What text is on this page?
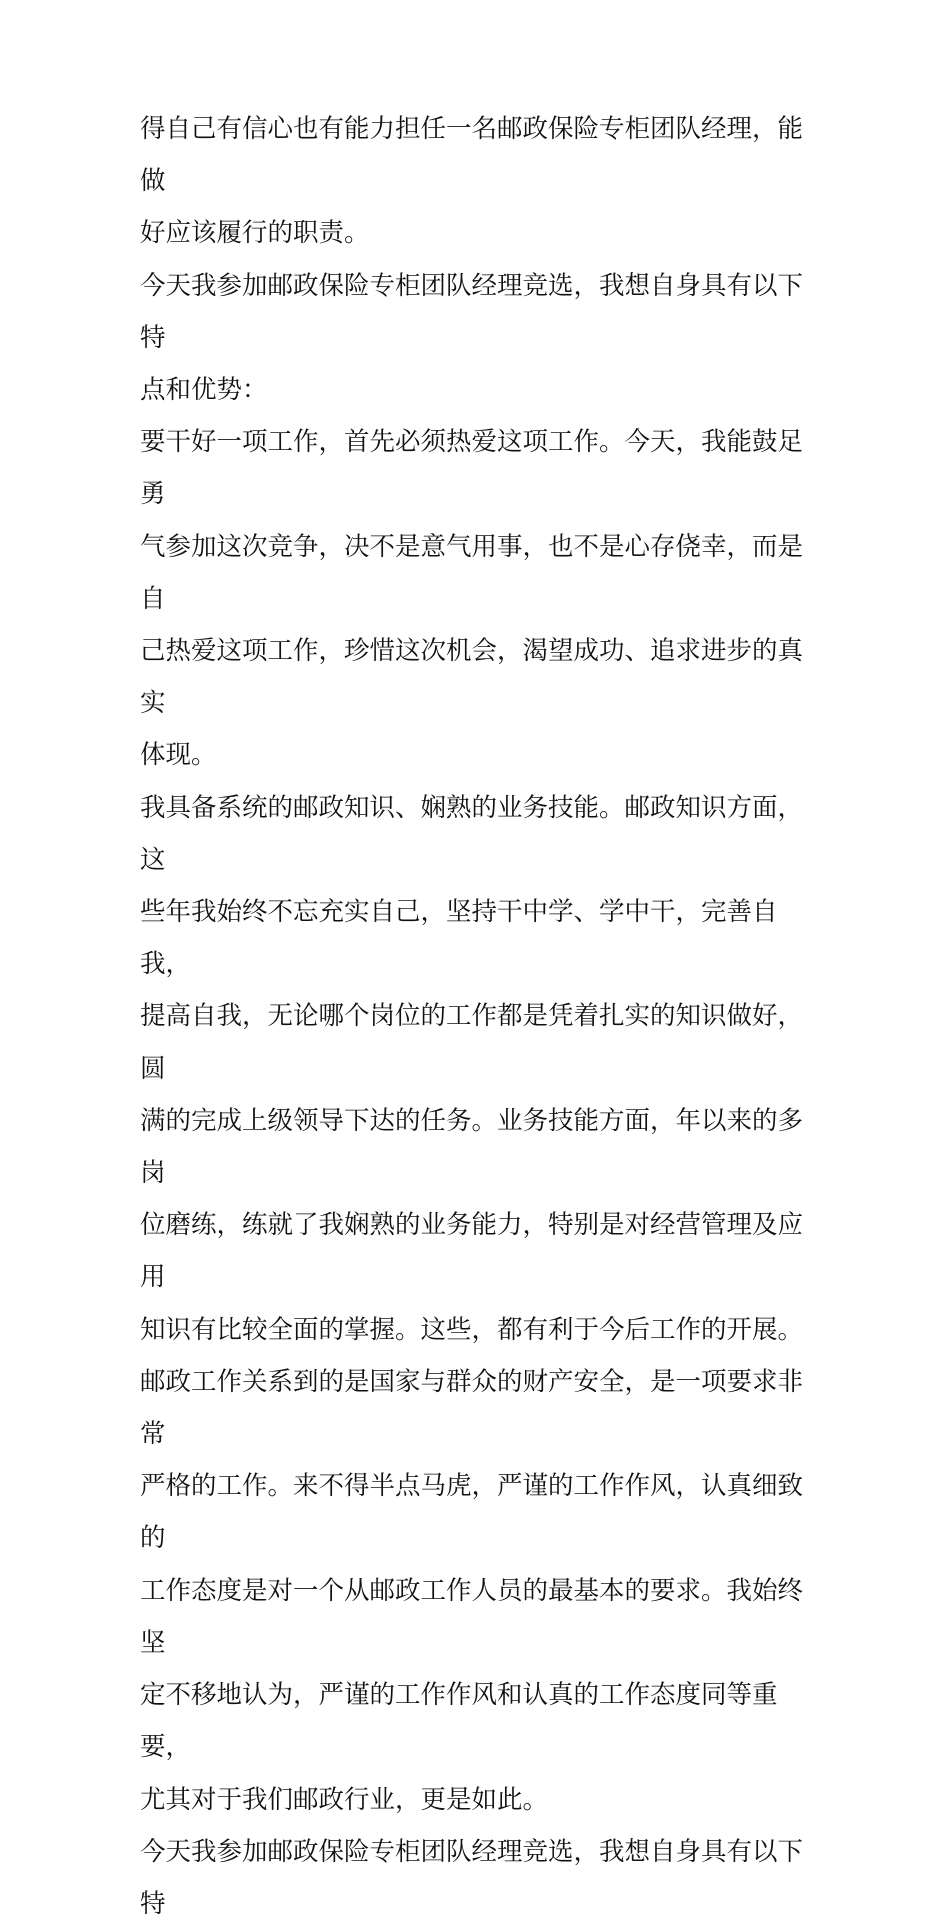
得自己有信心也有能力担任一名邮政保险专柜团队经理，能做
好应该履行的职责。

今天我参加邮政保险专柜团队经理竞选，我想自身具有以下特
点和优势：

要干好一项工作，首先必须热爱这项工作。今天，我能鼓足勇
气参加这次竞争，决不是意气用事，也不是心存侥幸，而是自
己热爱这项工作，珍惜这次机会，渴望成功、追求进步的真实
体现。

我具备系统的邮政知识、娴熟的业务技能。邮政知识方面，这
些年我始终不忘充实自己，坚持干中学、学中干，完善自我，
提高自我，无论哪个岗位的工作都是凭着扎实的知识做好，圆
满的完成上级领导下达的任务。业务技能方面，年以来的多岗
位磨练，练就了我娴熟的业务能力，特别是对经营管理及应用
知识有比较全面的掌握。这些，都有利于今后工作的开展。

邮政工作关系到的是国家与群众的财产安全，是一项要求非常
严格的工作。来不得半点马虎，严谨的工作作风，认真细致的
工作态度是对一个从邮政工作人员的最基本的要求。我始终坚
定不移地认为，严谨的工作作风和认真的工作态度同等重要，
尤其对于我们邮政行业，更是如此。

今天我参加邮政保险专柜团队经理竞选，我想自身具有以下特
